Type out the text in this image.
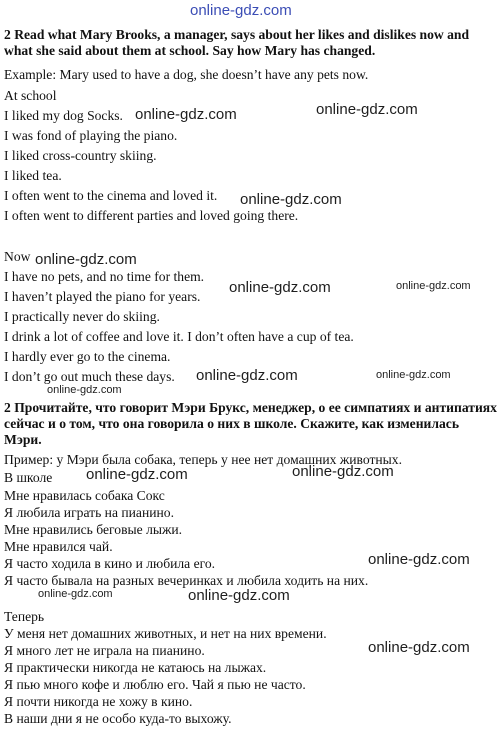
2 Read what Mary Brooks, a manager, says about her likes and dislikes now and what she said about them at school. Say how Mary has changed.
Example: Mary used to have a dog, she doesn’t have any pets now.
At school
I liked my dog Socks.
I was fond of playing the piano.
I liked cross-country skiing.
I liked tea.
I often went to the cinema and loved it.
I often went to different parties and loved going there.
Now
I have no pets, and no time for them.
I haven’t played the piano for years.
I practically never do skiing.
I drink a lot of coffee and love it. I don’t often have a cup of tea.
I hardly ever go to the cinema.
I don’t go out much these days.
2 Прочитайте, что говорит Мэри Брукс, менеджер, о ее симпатиях и антипатиях сейчас и о том, что она говорила о них в школе. Скажите, как изменилась Мэри.
Пример: у Мэри была собака, теперь у нее нет домашних животных.
В школе
Мне нравилась собака Сокс
Я любила играть на пианино.
Мне нравились беговые лыжи.
Мне нравился чай.
Я часто ходила в кино и любила его.
Я часто бывала на разных вечеринках и любила ходить на них.
Теперь
У меня нет домашних животных, и нет на них времени.
Я много лет не играла на пианино.
Я практически никогда не катаюсь на лыжах.
Я пью много кофе и люблю его. Чай я пью не часто.
Я почти никогда не хожу в кино.
В наши дни я не особо куда-то выхожу.
online-gdz.com
online-gdz.com	online-gdz.com
online-gdz.com
online-gdz.com
online-gdz.com	online-gdz.com
online-gdz.com	online-gdz.com
online-gdz.com
online-gdz.com	online-gdz.com
online-gdz.com
online-gdz.com	online-gdz.com
online-gdz.com
